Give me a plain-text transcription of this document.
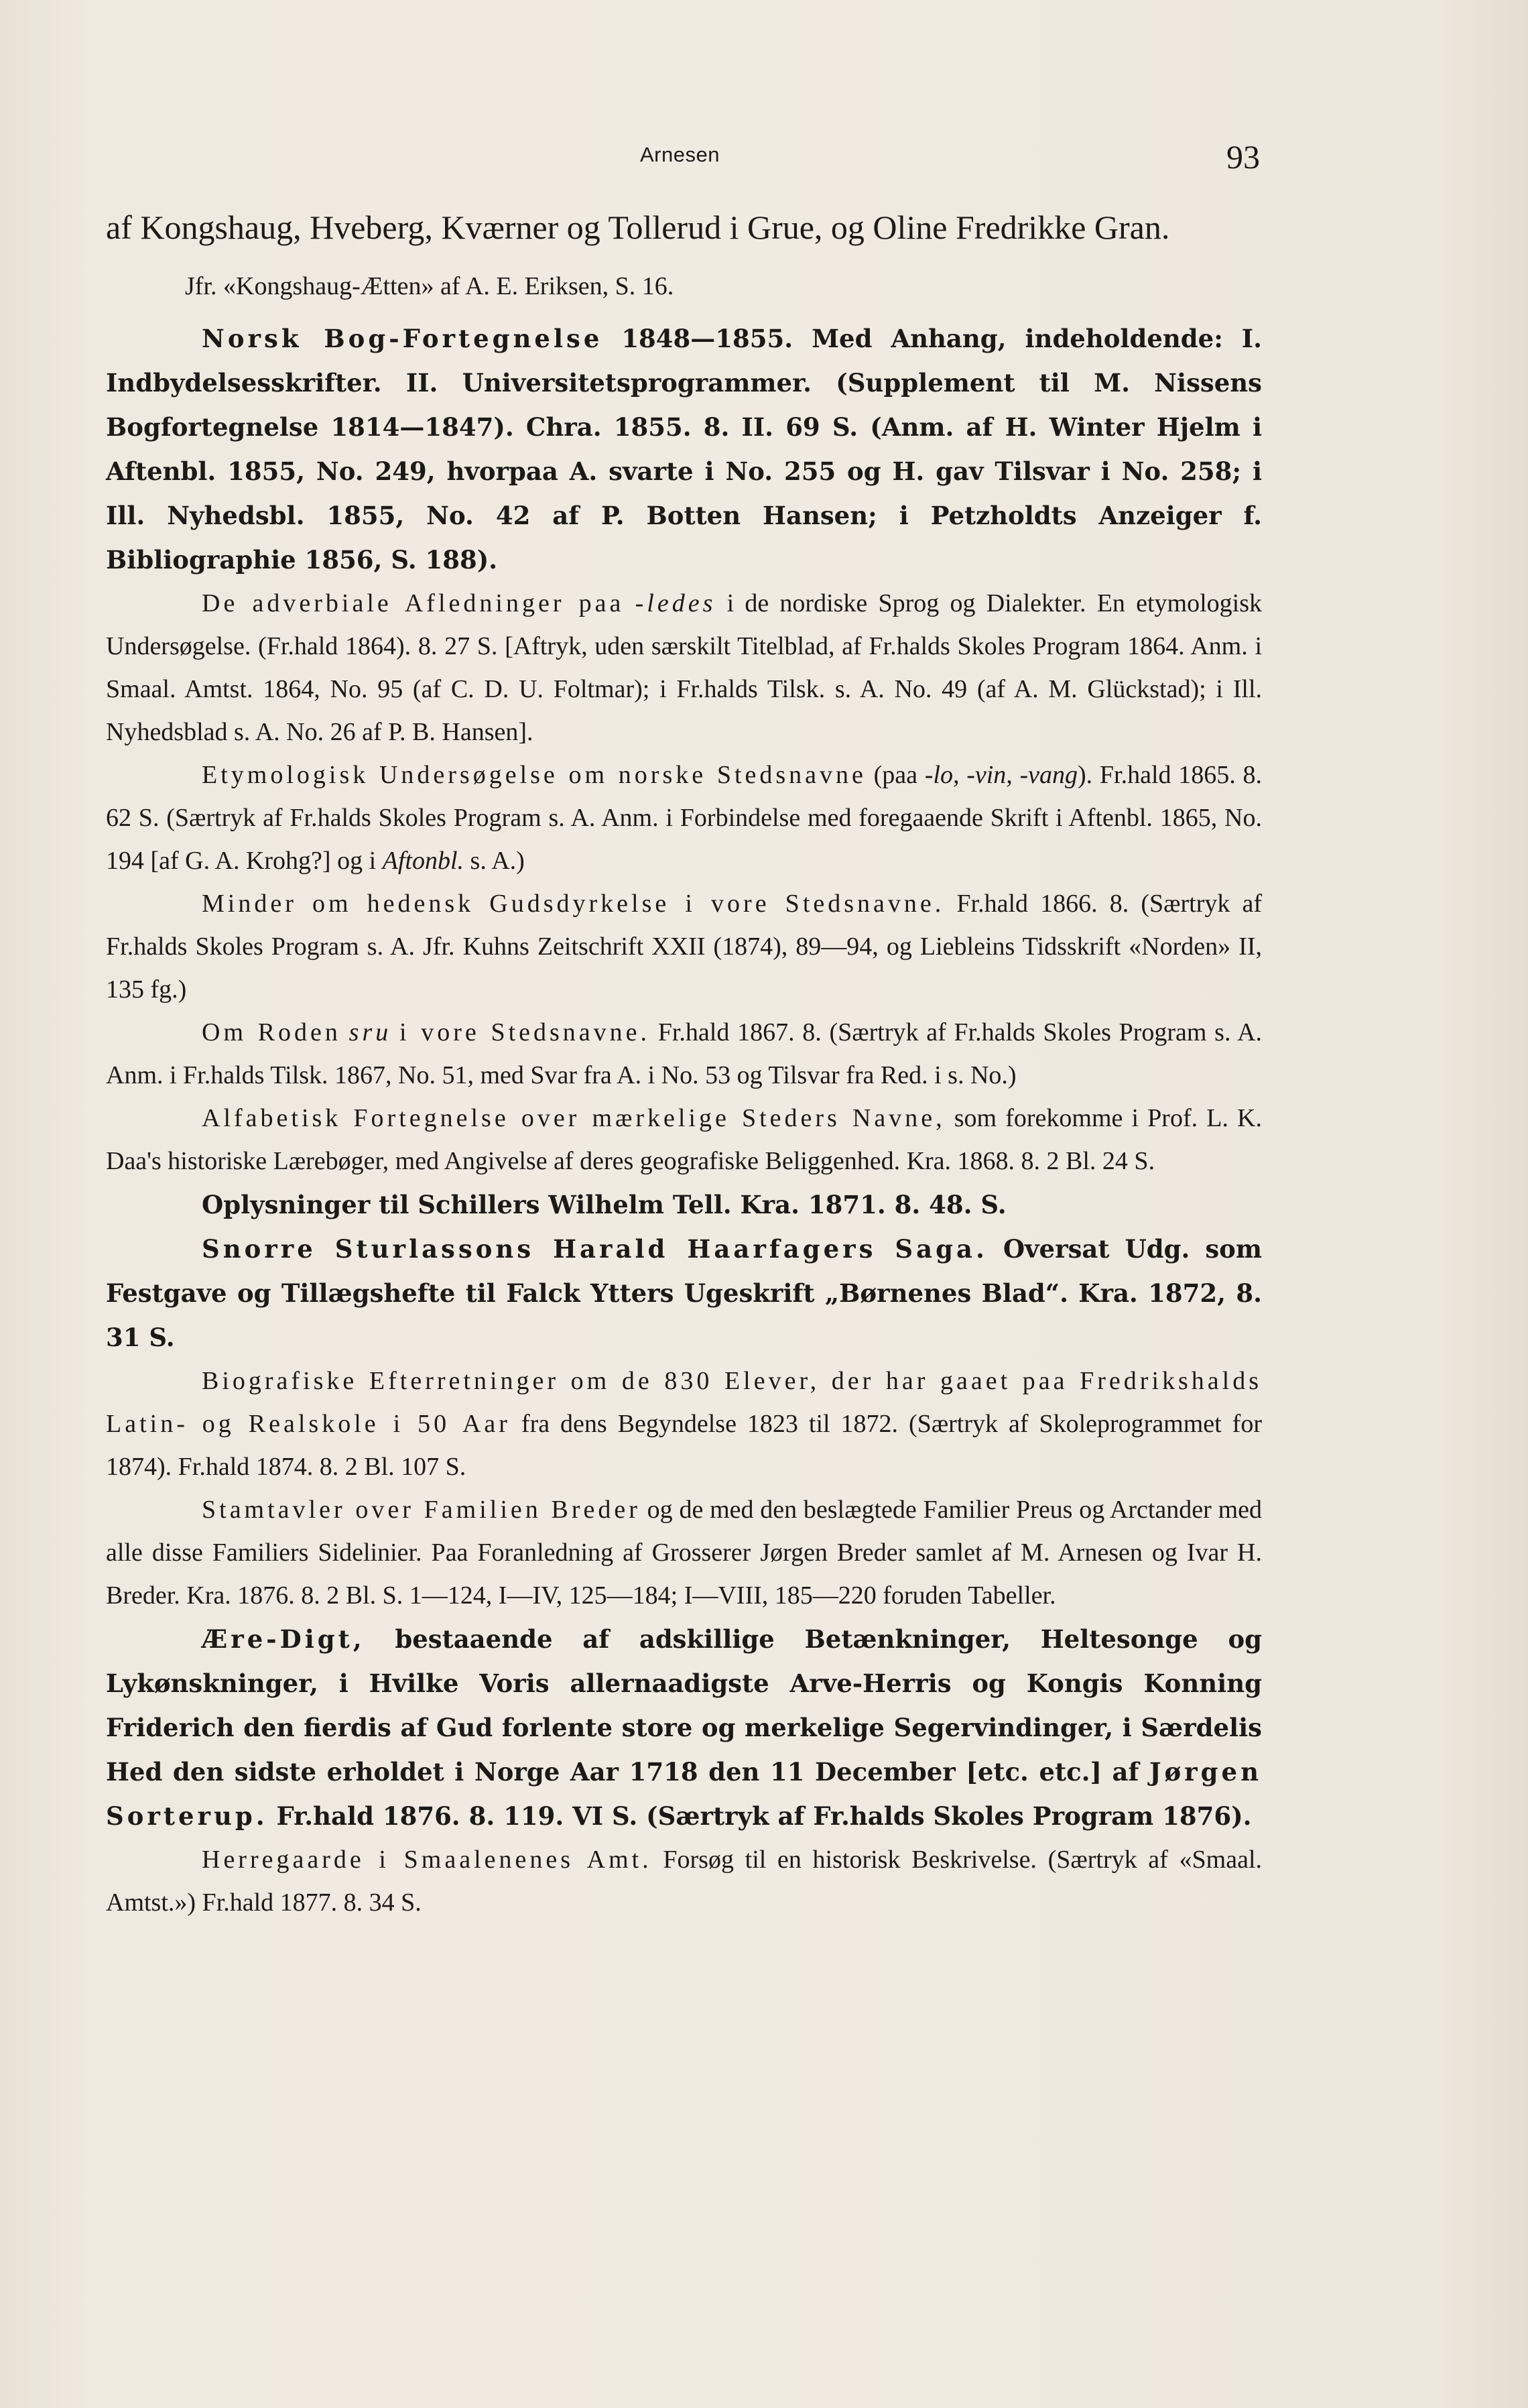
Arnesen	93

af Kongshaug, Hveberg, Kværner og Tollerud i Grue, og Oline Fredrikke Gran.

Jfr. «Kongshaug-Ætten» af A. E. Eriksen, S. 16.

Norsk Bog-Fortegnelse 1848—1855. Med Anhang, indeholdende: I. Indbydelsesskrifter. II. Universitetsprogrammer. (Supplement til M. Nissens Bogfortegnelse 1814—1847). Chra. 1855. 8. II. 69 S. (Anm. af H. Winter Hjelm i Aftenbl. 1855, No. 249, hvorpaa A. svarte i No. 255 og H. gav Tilsvar i No. 258; i Ill. Nyhedsbl. 1855, No. 42 af P. Botten Hansen; i Petzholdts Anzeiger f. Bibliographie 1856, S. 188).

De adverbiale Afledninger paa -ledes i de nordiske Sprog og Dialekter. En etymologisk Undersøgelse. (Fr.hald 1864). 8. 27 S. [Aftryk, uden særskilt Titelblad, af Fr.halds Skoles Program 1864. Anm. i Smaal. Amtst. 1864, No. 95 (af C. D. U. Foltmar); i Fr.halds Tilsk. s. A. No. 49 (af A. M. Glückstad); i Ill. Nyhedsblad s. A. No. 26 af P. B. Hansen].

Etymologisk Undersøgelse om norske Stedsnavne (paa -lo, -vin, -vang). Fr.hald 1865. 8. 62 S. (Særtryk af Fr.halds Skoles Program s. A. Anm. i Forbindelse med foregaaende Skrift i Aftenbl. 1865, No. 194 [af G. A. Krohg?] og i Aftonbl. s. A.)

Minder om hedensk Gudsdyrkelse i vore Stedsnavne. Fr.hald 1866. 8. (Særtryk af Fr.halds Skoles Program s. A. Jfr. Kuhns Zeitschrift XXII (1874), 89—94, og Liebleins Tidsskrift «Norden» II, 135 fg.)

Om Roden sru i vore Stedsnavne. Fr.hald 1867. 8. (Særtryk af Fr.halds Skoles Program s. A. Anm. i Fr.halds Tilsk. 1867, No. 51, med Svar fra A. i No. 53 og Tilsvar fra Red. i s. No.)

Alfabetisk Fortegnelse over mærkelige Steders Navne, som forekomme i Prof. L. K. Daa's historiske Lærebøger, med Angivelse af deres geografiske Beliggenhed. Kra. 1868. 8. 2 Bl. 24 S.

Oplysninger til Schillers Wilhelm Tell. Kra. 1871. 8. 48. S.

Snorre Sturlassons Harald Haarfagers Saga. Oversat Udg. som Festgave og Tillægshefte til Falck Ytters Ugeskrift „Børnenes Blad“. Kra. 1872, 8. 31 S.

Biografiske Efterretninger om de 830 Elever, der har gaaet paa Fredrikshalds Latin- og Realskole i 50 Aar fra dens Begyndelse 1823 til 1872. (Særtryk af Skoleprogrammet for 1874). Fr.hald 1874. 8. 2 Bl. 107 S.

Stamtavler over Familien Breder og de med den beslægtede Familier Preus og Arctander med alle disse Familiers Sidelinier. Paa Foranledning af Grosserer Jørgen Breder samlet af M. Arnesen og Ivar H. Breder. Kra. 1876. 8. 2 Bl. S. 1—124, I—IV, 125—184; I—VIII, 185—220 foruden Tabeller.

Ære-Digt, bestaaende af adskillige Betænkninger, Heltesonge og Lykønskninger, i Hvilke Voris allernaadigste Arve-Herris og Kongis Konning Friderich den fierdis af Gud forlente store og merkelige Segervindinger, i Særdelis Hed den sidste erholdet i Norge Aar 1718 den 11 December [etc. etc.] af Jørgen Sorterup. Fr.hald 1876. 8. 119. VI S. (Særtryk af Fr.halds Skoles Program 1876).

Herregaarde i Smaalenenes Amt. Forsøg til en historisk Beskrivelse. (Særtryk af «Smaal. Amtst.») Fr.hald 1877. 8. 34 S.
